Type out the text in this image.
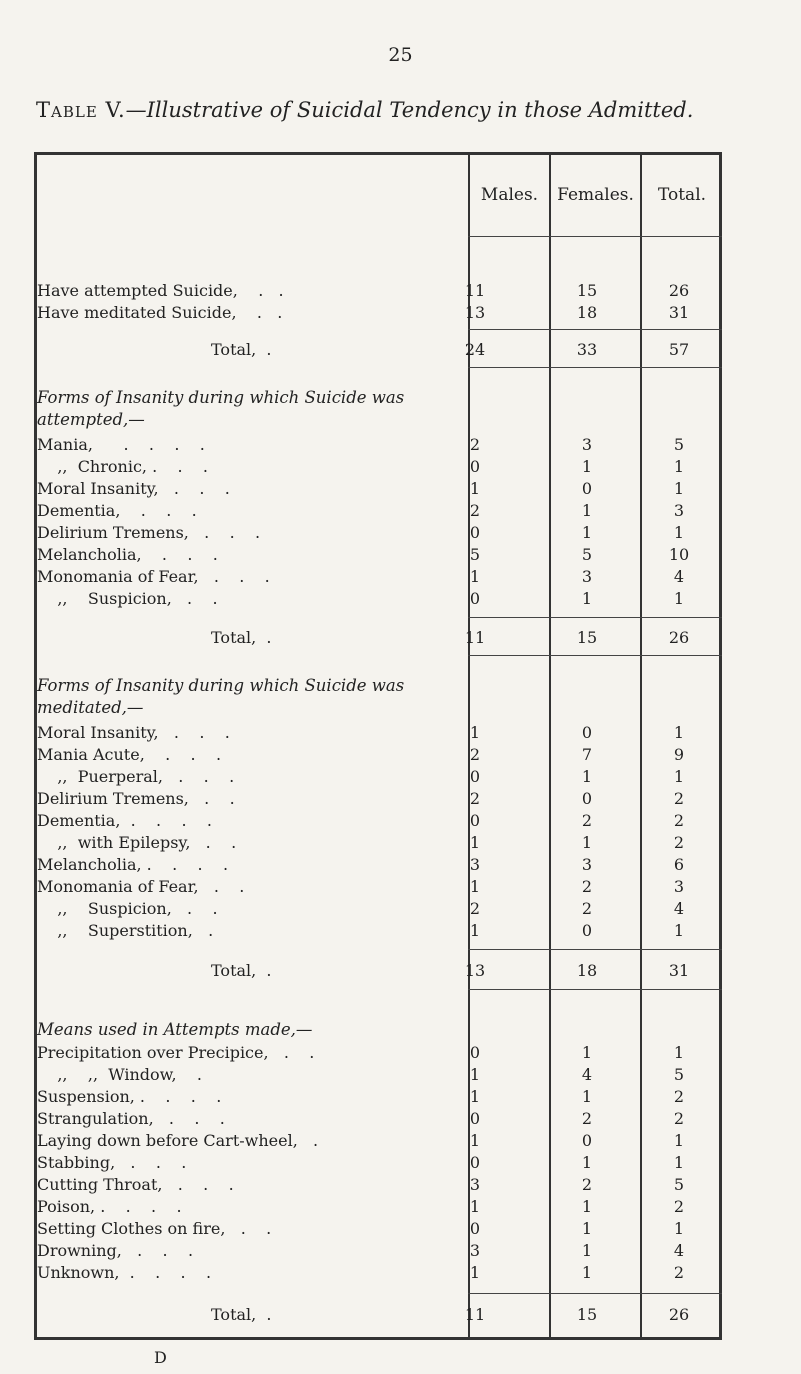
25
Table V.—Illustrative of Suicidal Tendency in those Admitted.
Males.	Females.	Total.
Have attempted Suicide,    .   .	11	15	26
Have meditated Suicide,    .   .	13	18	31
Total,  .	24	33	57
Forms of Insanity during which Suicide was attempted,—
Mania,      .    .    .    .	2	3	5
,,  Chronic, .    .    .	0	1	1
Moral Insanity,   .    .    .	1	0	1
Dementia,    .    .    .	2	1	3
Delirium Tremens,   .    .    .	0	1	1
Melancholia,    .    .    .	5	5	10
Monomania of Fear,   .    .    .	1	3	4
,,    Suspicion,   .    .	0	1	1
Total,  .	11	15	26
Forms of Insanity during which Suicide was meditated,—
Moral Insanity,   .    .    .	1	0	1
Mania Acute,    .    .    .	2	7	9
,,  Puerperal,   .    .    .	0	1	1
Delirium Tremens,   .    .	2	0	2
Dementia,  .    .    .    .	0	2	2
,,  with Epilepsy,   .    .	1	1	2
Melancholia, .    .    .    .	3	3	6
Monomania of Fear,   .    .	1	2	3
,,    Suspicion,   .    .	2	2	4
,,    Superstition,   .	1	0	1
Total,  .	13	18	31
Means used in Attempts made,—
Precipitation over Precipice,   .    .	0	1	1
,,    ,,  Window,    .	1	4	5
Suspension, .    .    .    .	1	1	2
Strangulation,   .    .    .	0	2	2
Laying down before Cart-wheel,   .	1	0	1
Stabbing,   .    .    .	0	1	1
Cutting Throat,   .    .    .	3	2	5
Poison, .    .    .    .	1	1	2
Setting Clothes on fire,   .    .	0	1	1
Drowning,   .    .    .	3	1	4
Unknown,  .    .    .    .	1	1	2
Total,  .	11	15	26
D
